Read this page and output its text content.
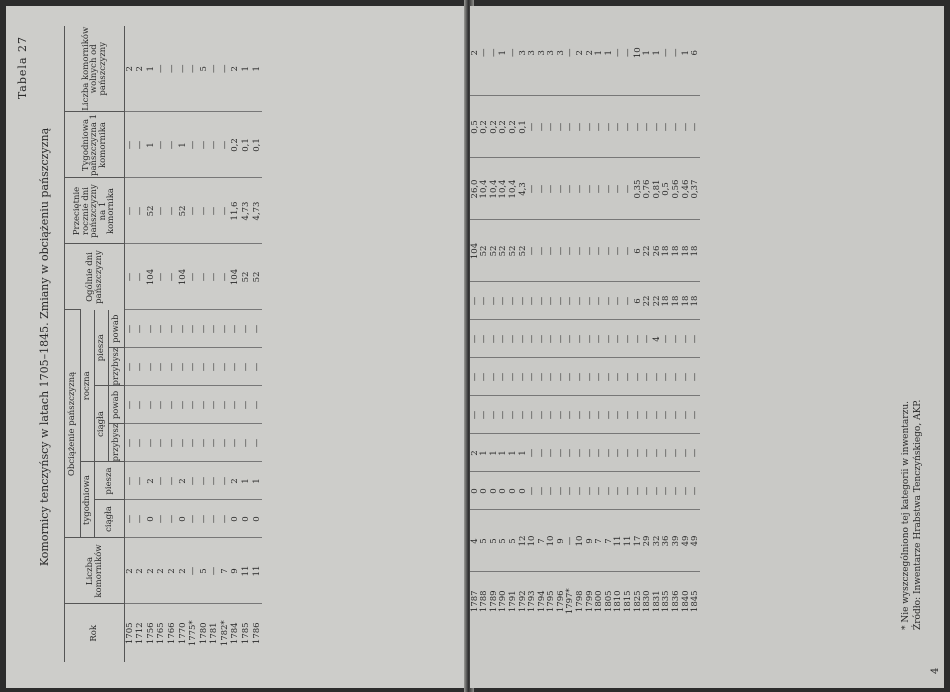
Tabela 27
Komornicy tenczyńscy w latach 1705–1845. Zmiany w obciążeniu pańszczyzną
Rok	Liczba komorników	Obciążenie pańszczyzną						Ogólnie dni pańszczyzny	Przeciętnie rocznie dni pańszczyzny na 1 komornika	Tygodniowa pańszczyzna 1 komornika	Liczba komorników wolnych od pańszczyzny
		tygodniowa		roczna							
		ciągła	piesza	ciągła		piesza					
				przybysz	powab	przybysz	powab				
1705	2	—	—	—	—	—	—	—	—	—	2
1712	2	—	—	—	—	—	—	—	—	—	2
1756	2	0	2	—	—	—	—	104	52	1	1
1765	2	—	—	—	—	—	—	—	—	—	—
1766	2	—	—	—	—	—	—	—	—	—	—
1770	2	0	2	—	—	—	—	104	52	1	—
1775*	—	—	—	—	—	—	—	—	—	—	—
1780	5	—	—	—	—	—	—	—	—	—	5
1781	—	—	—	—	—	—	—	—	—	—	—
1782*	7	—	—	—	—	—	—	—	—	—	—
1784	9	0	2	—	—	—	—	104	11,6	0,2	2
1785	11	0	1	—	—	—	—	52	4,73	0,1	1
1786	11	0	1	—	—	—	—	52	4,73	0,1	1
1787	4	0	2	—	—	—	—	104	26,0	0,5	2
1788	5	0	1	—	—	—	—	52	10,4	0,2	—
1789	5	0	1	—	—	—	—	52	10,4	0,2	—
1790	5	0	1	—	—	—	—	52	10,4	0,2	1
1791	5	0	1	—	—	—	—	52	10,4	0,2	—
1792	12	0	1	—	—	—	—	52	4,3	0,1	3
1793	10	—	—	—	—	—	—	—	—	—	3
1794	7	—	—	—	—	—	—	—	—	—	3
1795	10	—	—	—	—	—	—	—	—	—	3
1796	9	—	—	—	—	—	—	—	—	—	3
1797*	—	—	—	—	—	—	—	—	—	—	—
1798	10	—	—	—	—	—	—	—	—	—	2
1799	9	—	—	—	—	—	—	—	—	—	2
1800	7	—	—	—	—	—	—	—	—	—	1
1805	7	—	—	—	—	—	—	—	—	—	1
1810	11	—	—	—	—	—	—	—	—	—	—
1815	11	—	—	—	—	—	—	—	—	—	—
1825	17	—	—	—	—	—	6	6	0,35	—	10
1830	29	—	—	—	—	—	22	22	0,76	—	1
1831	32	—	—	—	—	4	22	26	0,81	—	1
1835	36	—	—	—	—	—	18	18	0,5	—	—
1836	39	—	—	—	—	—	18	18	0,56	—	—
1840	49	—	—	—	—	—	18	18	0,46	—	1
1845	49	—	—	—	—	—	18	18	0,37	—	6
* Nie wyszczególniono tej kategorii w inwentarzu. Źródło: Inwentarze Hrabstwa Tenczyńskiego, AKP.
4
